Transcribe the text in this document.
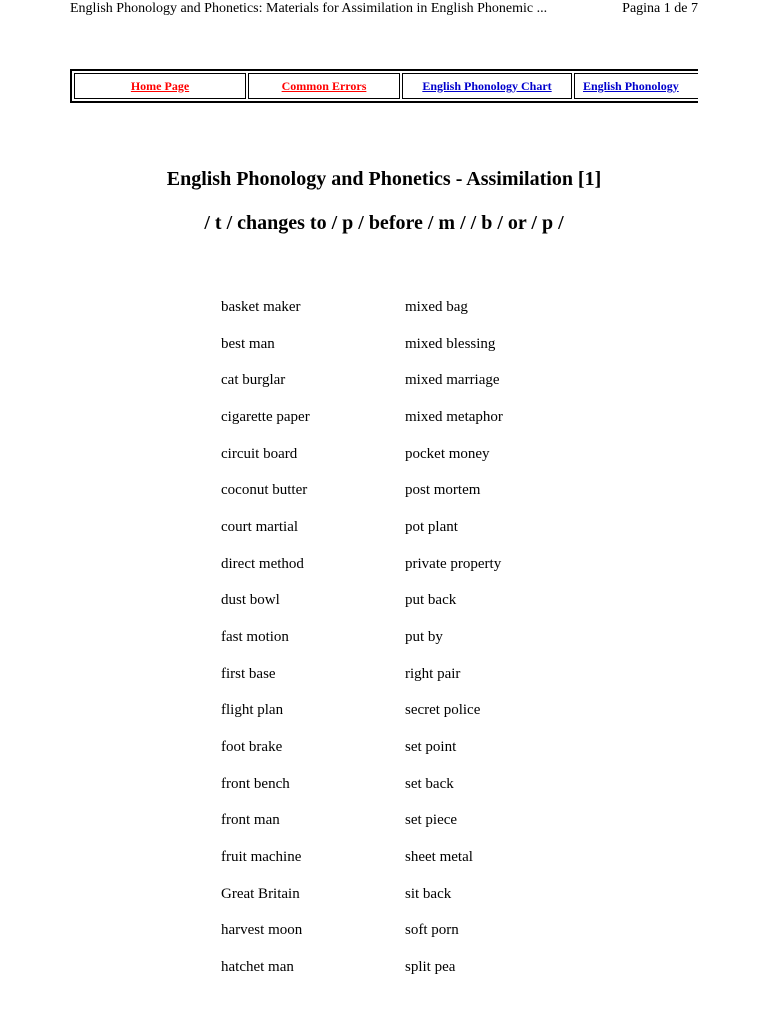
English Phonology and Phonetics: Materials for Assimilation in English Phonemic ...	Pagina 1 de 7
Home Page	Common Errors	English Phonology Chart	English Phonology
English Phonology and Phonetics - Assimilation [1]
/ t / changes to / p / before / m / / b / or / p /
basket maker
best man
cat burglar
cigarette paper
circuit board
coconut butter
court martial
direct method
dust bowl
fast motion
first base
flight plan
foot brake
front bench
front man
fruit machine
Great Britain
harvest moon
hatchet man
mixed bag
mixed blessing
mixed marriage
mixed metaphor
pocket money
post mortem
pot plant
private property
put back
put by
right pair
secret police
set point
set back
set piece
sheet metal
sit back
soft porn
split pea
